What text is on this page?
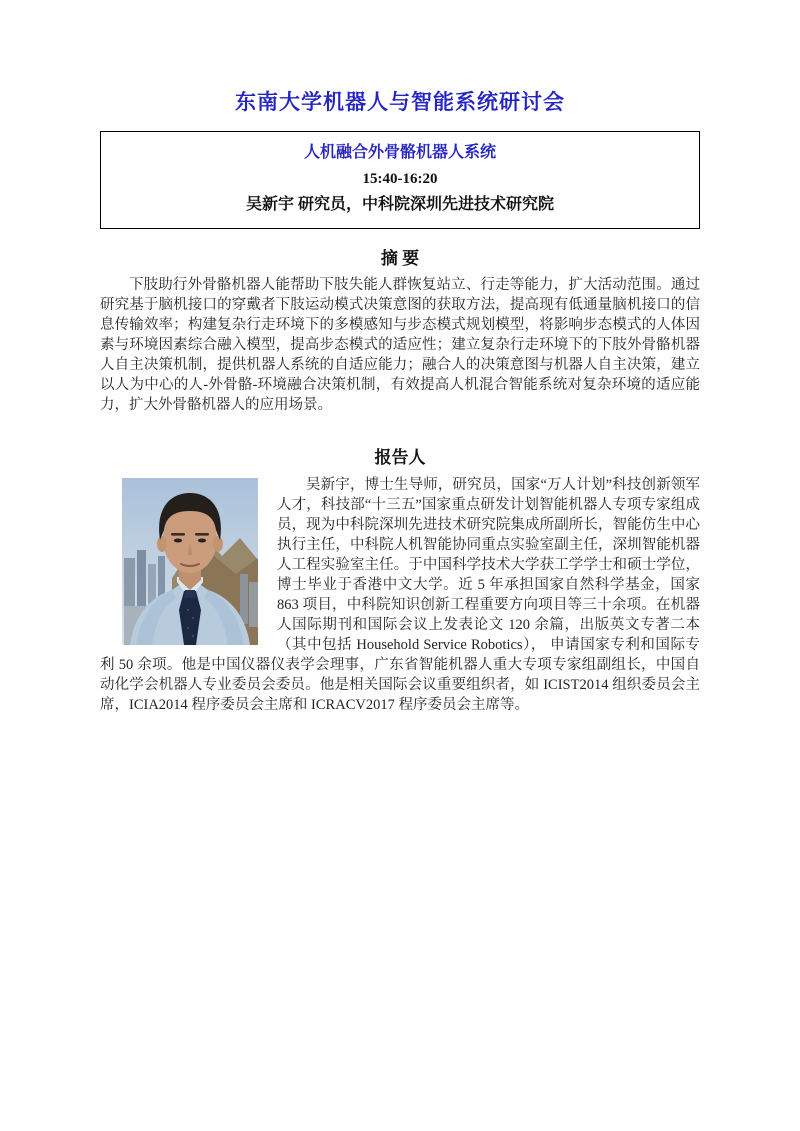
东南大学机器人与智能系统研讨会
人机融合外骨骼机器人系统
15:40-16:20
吴新宇 研究员，中科院深圳先进技术研究院
摘 要

下肢助行外骨骼机器人能帮助下肢失能人群恢复站立、行走等能力，扩大活动范围。通过研究基于脑机接口的穿戴者下肢运动模式决策意图的获取方法，提高现有低通量脑机接口的信息传输效率；构建复杂行走环境下的多模感知与步态模式规划模型，将影响步态模式的人体因素与环境因素综合融入模型，提高步态模式的适应性；建立复杂行走环境下的下肢外骨骼机器人自主决策机制，提供机器人系统的自适应能力；融合人的决策意图与机器人自主决策，建立以人为中心的人-外骨骼-环境融合决策机制，有效提高人机混合智能系统对复杂环境的适应能力，扩大外骨骼机器人的应用场景。

报告人

吴新宇，博士生导师，研究员，国家“万人计划”科技创新领军人才，科技部“十三五”国家重点研发计划智能机器人专项专家组成员，现为中科院深圳先进技术研究院集成所副所长，智能仿生中心执行主任，中科院人机智能协同重点实验室副主任，深圳智能机器人工程实验室主任。于中国科学技术大学获工学学士和硕士学位，博士毕业于香港中文大学。近 5 年承担国家自然科学基金，国家 863 项目，中科院知识创新工程重要方向项目等三十余项。在机器人国际期刊和国际会议上发表论文 120 余篇，出版英文专著二本（其中包括 Household Service Robotics）， 申请国家专利和国际专利 50 余项。他是中国仪器仪表学会理事，广东省智能机器人重大专项专家组副组长，中国自动化学会机器人专业委员会委员。他是相关国际会议重要组织者，如 ICIST2014 组织委员会主席，ICIA2014 程序委员会主席和 ICRACV2017 程序委员会主席等。
